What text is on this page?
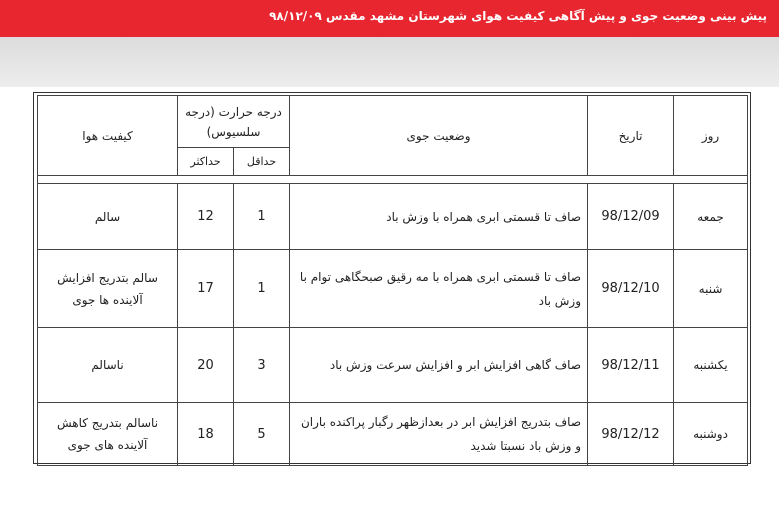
پیش بینی وضعیت جوی و پیش آگاهی کیفیت هوای شهرستان مشهد مقدس ۹۸/۱۲/۰۹
روز	تاریخ	وضعیت جوی	درجه حرارت (درجه سلسیوس)		کیفیت هوا
			حداقل	حداکثر	

جمعه	98/12/09	صاف تا قسمتی ابری همراه با وزش باد	1	12	سالم
شنبه	98/12/10	صاف تا قسمتی ابری همراه با مه رقیق صبحگاهی توام با وزش باد	1	17	سالم بتدریج افزایش آلاینده ها جوی
یکشنبه	98/12/11	صاف گاهی افزایش ابر و افزایش سرعت وزش باد	3	20	ناسالم
دوشنبه	98/12/12	صاف بتدریج افزایش ابر در بعدازظهر رگبار پراکنده باران و وزش باد نسبتا شدید	5	18	ناسالم بتدریج کاهش آلاینده های جوی
